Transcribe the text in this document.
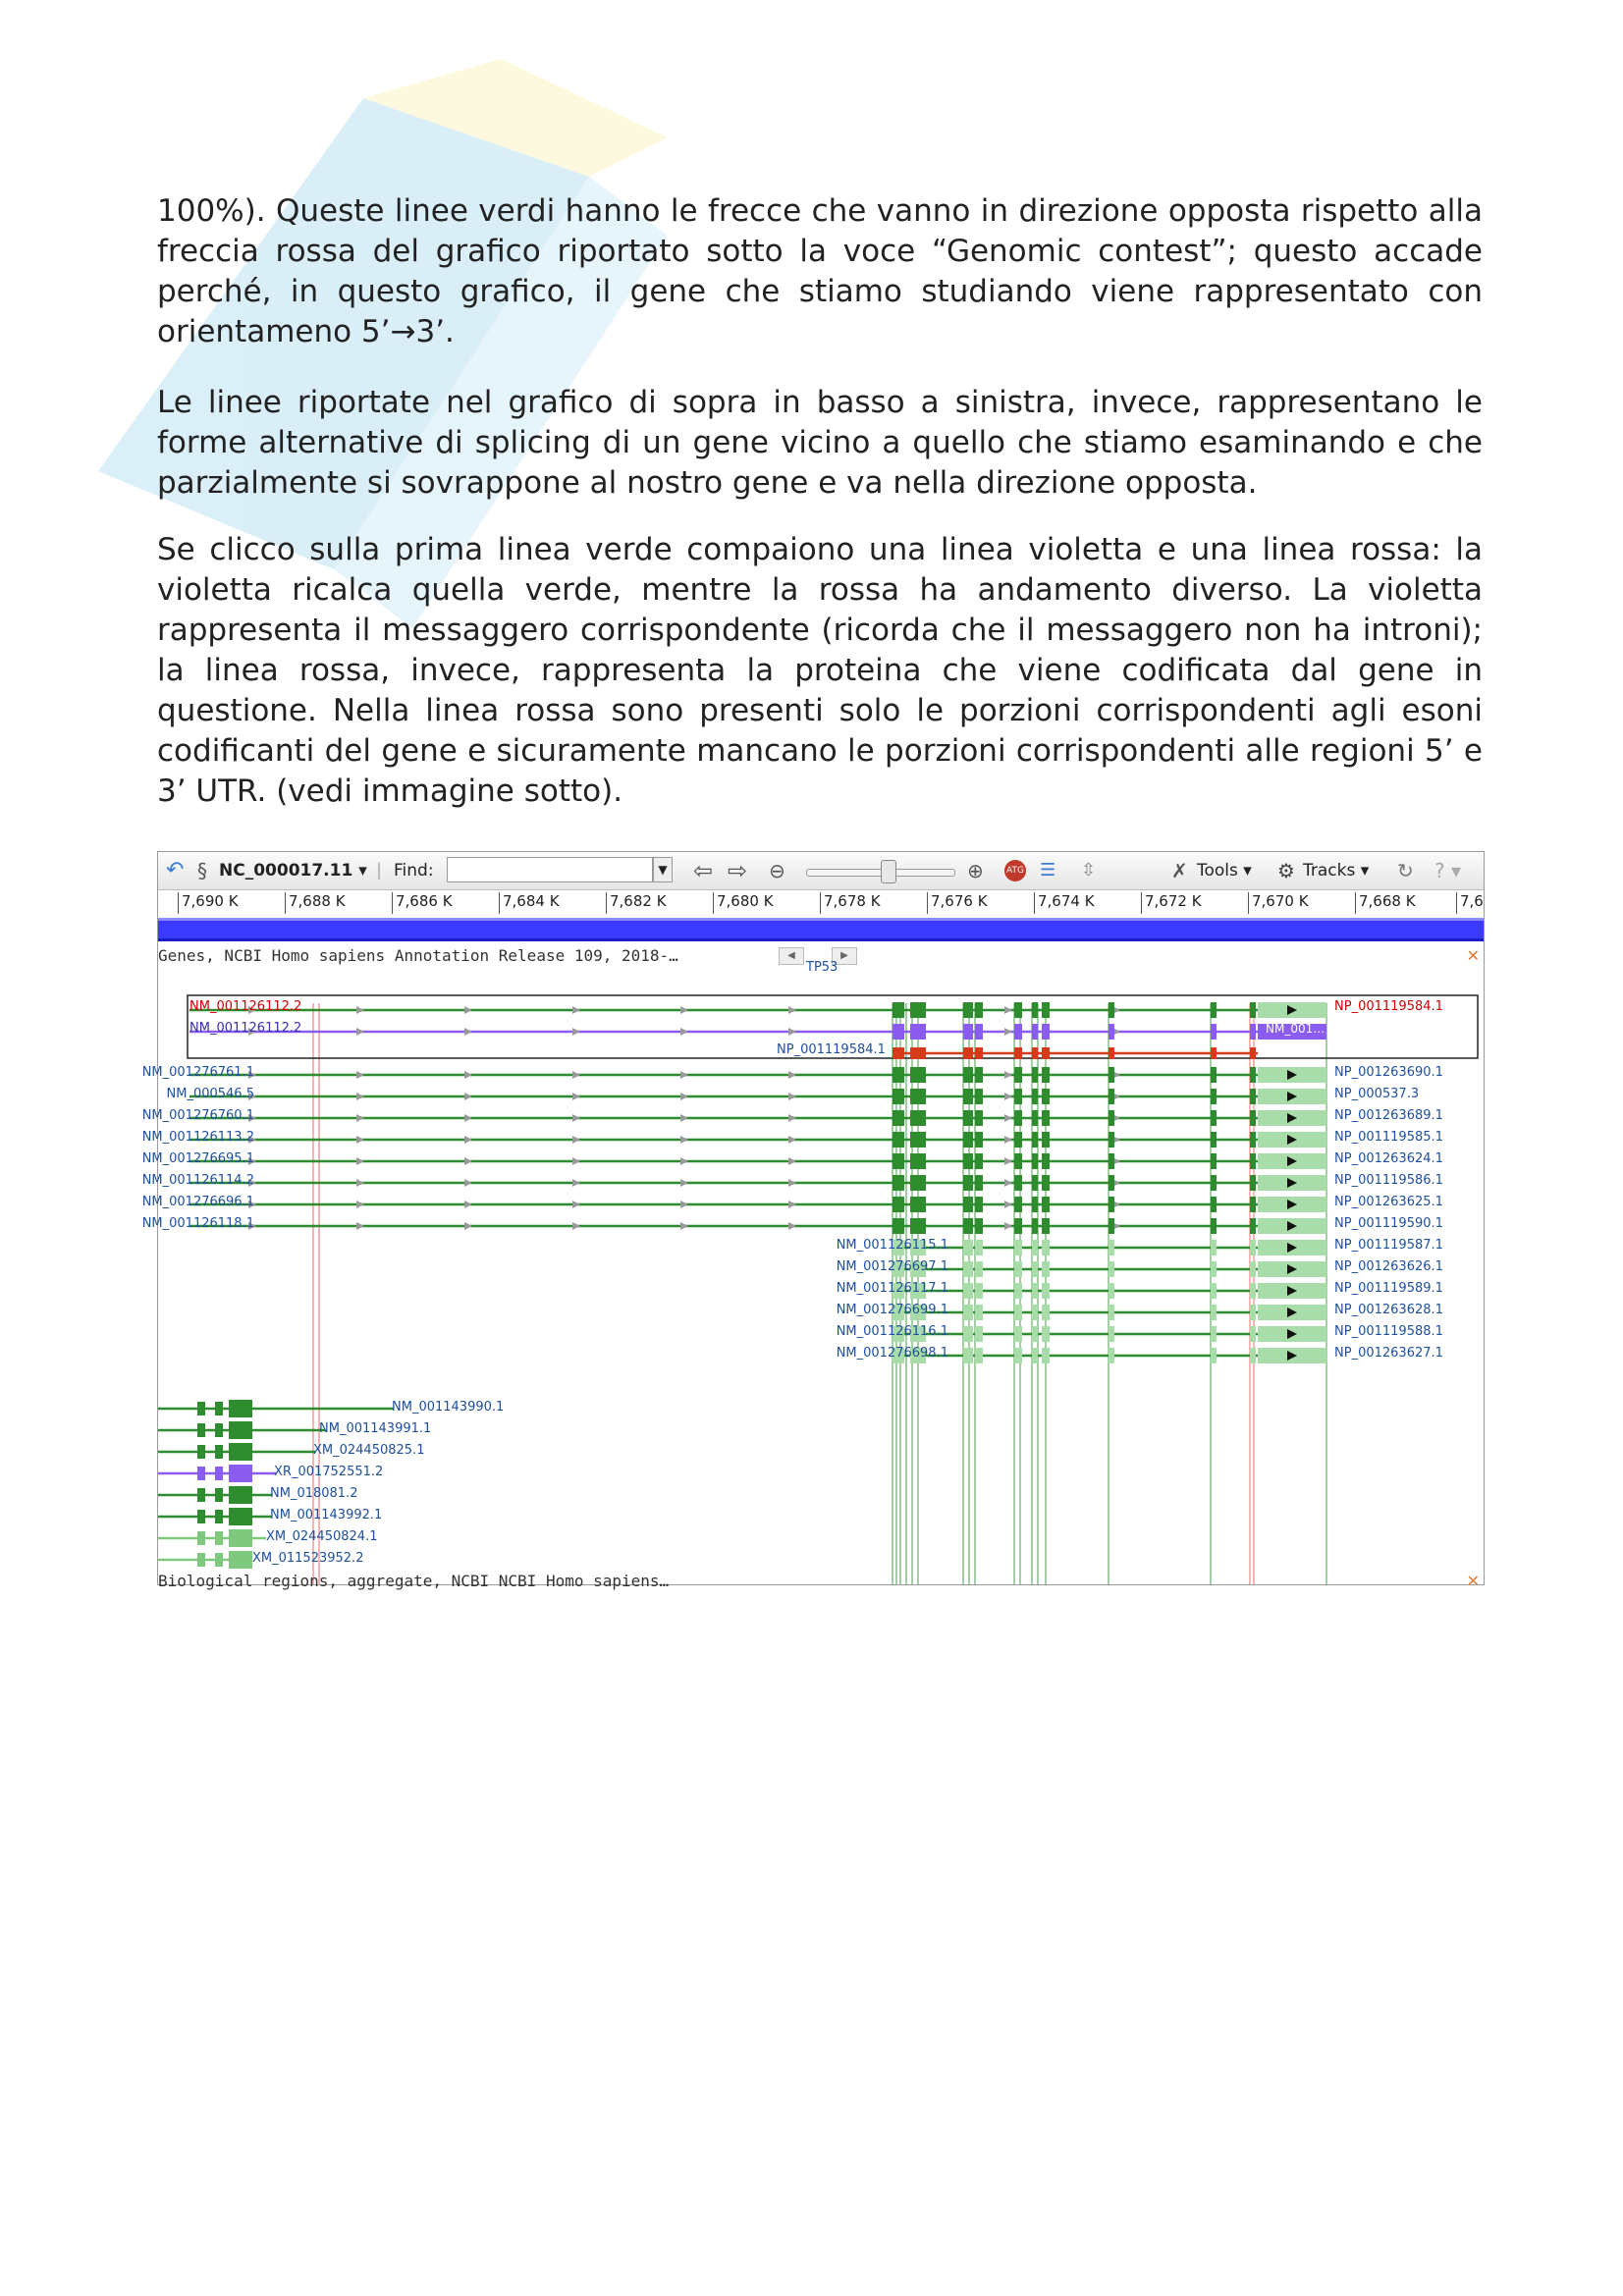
100%). Queste linee verdi hanno le frecce che vanno in direzione opposta rispetto alla freccia rossa del grafico riportato sotto la voce “Genomic contest”; questo accade perché, in questo grafico, il gene che stiamo studiando viene rappresentato con orientameno 5’→3’.

Le linee riportate nel grafico di sopra in basso a sinistra, invece, rappresentano le forme alternative di splicing di un gene vicino a quello che stiamo esaminando e che parzialmente si sovrappone al nostro gene e va nella direzione opposta.

Se clicco sulla prima linea verde compaiono una linea violetta e una linea rossa: la violetta ricalca quella verde, mentre la rossa ha andamento diverso. La violetta rappresenta il messaggero corrispondente (ricorda che il messaggero non ha introni); la linea rossa, invece, rappresenta la proteina che viene codificata dal gene in questione. Nella linea rossa sono presenti solo le porzioni corrispondenti agli esoni codificanti del gene e sicuramente mancano le porzioni corrispondenti alle regioni 5’ e 3’ UTR. (vedi immagine sotto).

↶ § NC_000017.11 ▾ | Find:	▼ ⇦ ⇨ ⊖	⊕	ATG ☰ ⇳	✗ Tools ▾ ⚙ Tracks ▾ ↻ ? ▾
7,690 K	7,688 K	7,686 K	7,684 K	7,682 K	7,680 K	7,678 K	7,676 K	7,674 K	7,672 K	7,670 K	7,668 K	7,6
Genes, NCBI Homo sapiens Annotation Release 109, 2018-…	◀	▶	✕
TP53
NM_001126112.2
NM_001126112.2
NP_001119584.1
NP_001119584.1
NM_001…
NM_001276761.1
NM_000546.5
NM_001276760.1
NM_001126113.2
NM_001276695.1
NM_001126114.2
NM_001276696.1
NM_001126118.1
NP_001263690.1
NP_000537.3
NP_001263689.1
NP_001119585.1
NP_001263624.1
NP_001119586.1
NP_001263625.1
NP_001119590.1
NM_001126115.1
NM_001276697.1
NM_001126117.1
NM_001276699.1
NM_001126116.1
NM_001276698.1
NP_001119587.1
NP_001263626.1
NP_001119589.1
NP_001263628.1
NP_001119588.1
NP_001263627.1
NM_001143990.1
NM_001143991.1
XM_024450825.1
XR_001752551.2
NM_018081.2
NM_001143992.1
XM_024450824.1
XM_011523952.2
Biological regions, aggregate, NCBI NCBI Homo sapiens…	✕
